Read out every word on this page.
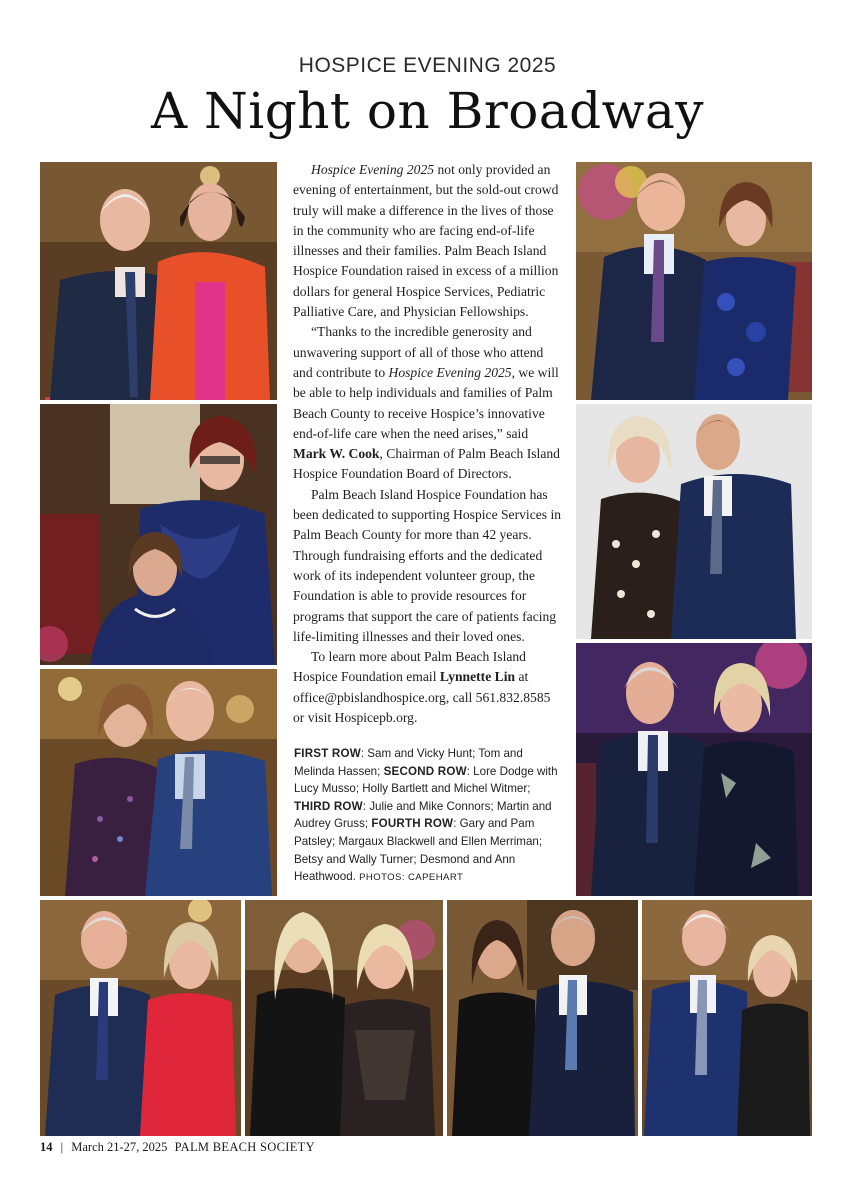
HOSPICE EVENING 2025
A Night on Broadway

Hospice Evening 2025 not only provided an evening of entertainment, but the sold-out crowd truly will make a difference in the lives of those in the community who are facing end-of-life illnesses and their families. Palm Beach Island Hospice Foundation raised in excess of a million dollars for general Hospice Services, Pediatric Palliative Care, and Physician Fellowships.

“Thanks to the incredible generosity and unwavering support of all of those who attend and contribute to Hospice Evening 2025, we will be able to help individuals and families of Palm Beach County to receive Hospice’s innovative end-of-life care when the need arises,” said Mark W. Cook, Chairman of Palm Beach Island Hospice Foundation Board of Directors.

Palm Beach Island Hospice Foundation has been dedicated to supporting Hospice Services in Palm Beach County for more than 42 years. Through fundraising efforts and the dedicated work of its independent volunteer group, the Foundation is able to provide resources for programs that support the care of patients facing life-limiting illnesses and their loved ones.

To learn more about Palm Beach Island Hospice Foundation email Lynnette Lin at office@pbislandhospice.org, call 561.832.8585 or visit Hospicepb.org.

FIRST ROW: Sam and Vicky Hunt; Tom and Melinda Hassen; SECOND ROW: Lore Dodge with Lucy Musso; Holly Bartlett and Michel Witmer; THIRD ROW: Julie and Mike Connors; Martin and Audrey Gruss; FOURTH ROW: Gary and Pam Patsley; Margaux Blackwell and Ellen Merriman; Betsy and Wally Turner; Desmond and Ann Heathwood. PHOTOS: CAPEHART
14 | March 21-27, 2025 PALM BEACH SOCIETY
